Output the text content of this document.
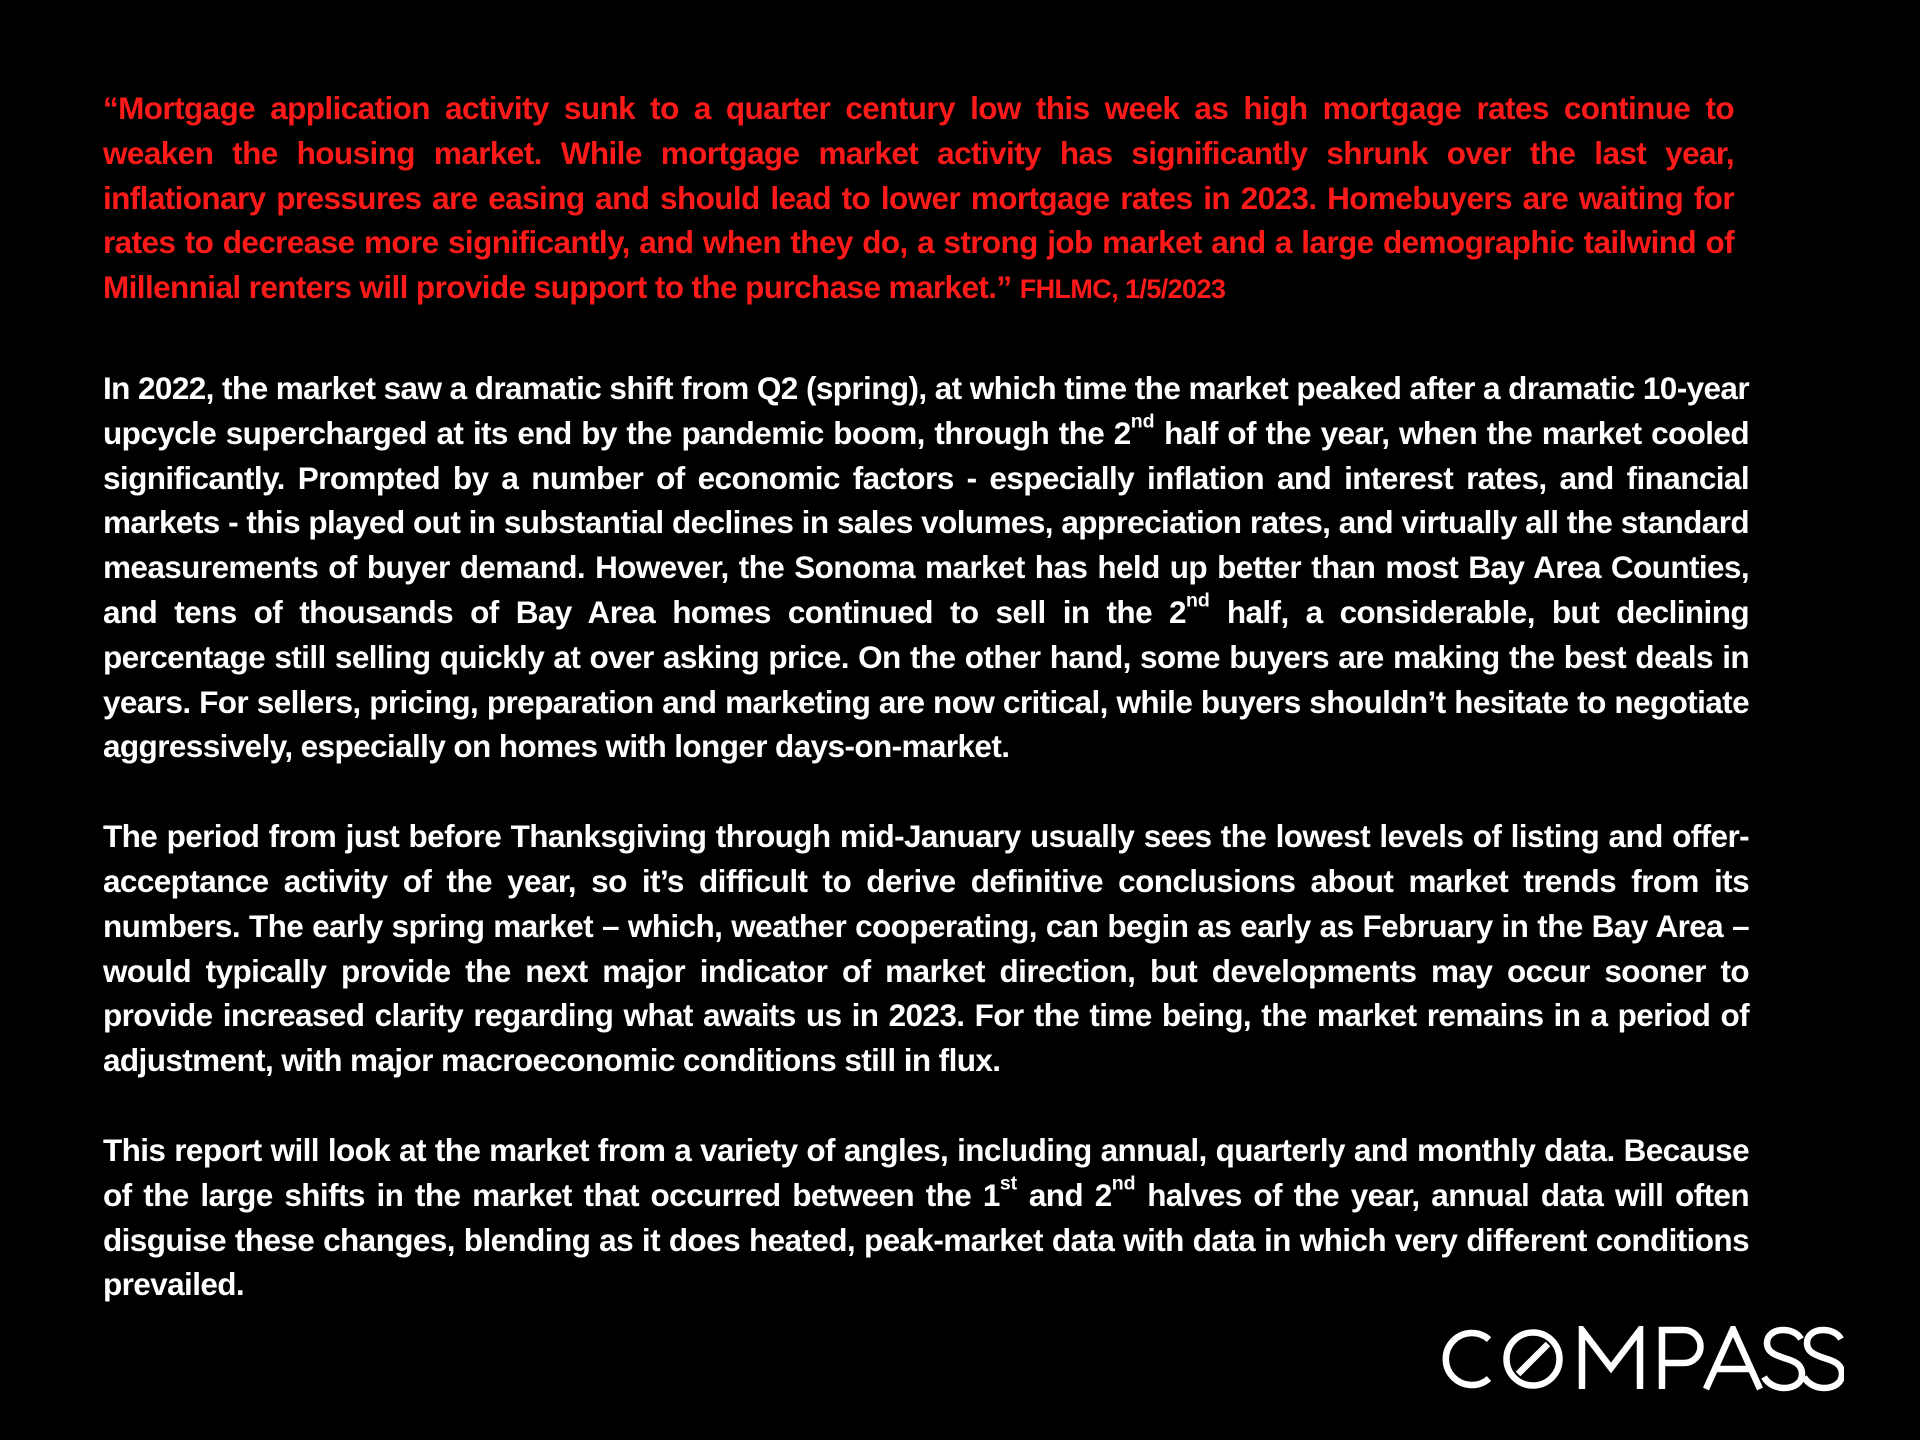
“Mortgage application activity sunk to a quarter century low this week as high mortgage rates continue to weaken the housing market. While mortgage market activity has significantly shrunk over the last year, inflationary pressures are easing and should lead to lower mortgage rates in 2023. Homebuyers are waiting for rates to decrease more significantly, and when they do, a strong job market and a large demographic tailwind of Millennial renters will provide support to the purchase market.” FHLMC, 1/5/2023

In 2022, the market saw a dramatic shift from Q2 (spring), at which time the market peaked after a dramatic 10-year upcycle supercharged at its end by the pandemic boom, through the 2nd half of the year, when the market cooled significantly. Prompted by a number of economic factors - especially inflation and interest rates, and financial markets - this played out in substantial declines in sales volumes, appreciation rates, and virtually all the standard measurements of buyer demand. However, the Sonoma market has held up better than most Bay Area Counties, and tens of thousands of Bay Area homes continued to sell in the 2nd half, a considerable, but declining percentage still selling quickly at over asking price. On the other hand, some buyers are making the best deals in years. For sellers, pricing, preparation and marketing are now critical, while buyers shouldn’t hesitate to negotiate aggressively, especially on homes with longer days-on-market.

The period from just before Thanksgiving through mid-January usually sees the lowest levels of listing and offer-acceptance activity of the year, so it’s difficult to derive definitive conclusions about market trends from its numbers. The early spring market – which, weather cooperating, can begin as early as February in the Bay Area – would typically provide the next major indicator of market direction, but developments may occur sooner to provide increased clarity regarding what awaits us in 2023. For the time being, the market remains in a period of adjustment, with major macroeconomic conditions still in flux.

This report will look at the market from a variety of angles, including annual, quarterly and monthly data. Because of the large shifts in the market that occurred between the 1st and 2nd halves of the year, annual data will often disguise these changes, blending as it does heated, peak-market data with data in which very different conditions prevailed.
